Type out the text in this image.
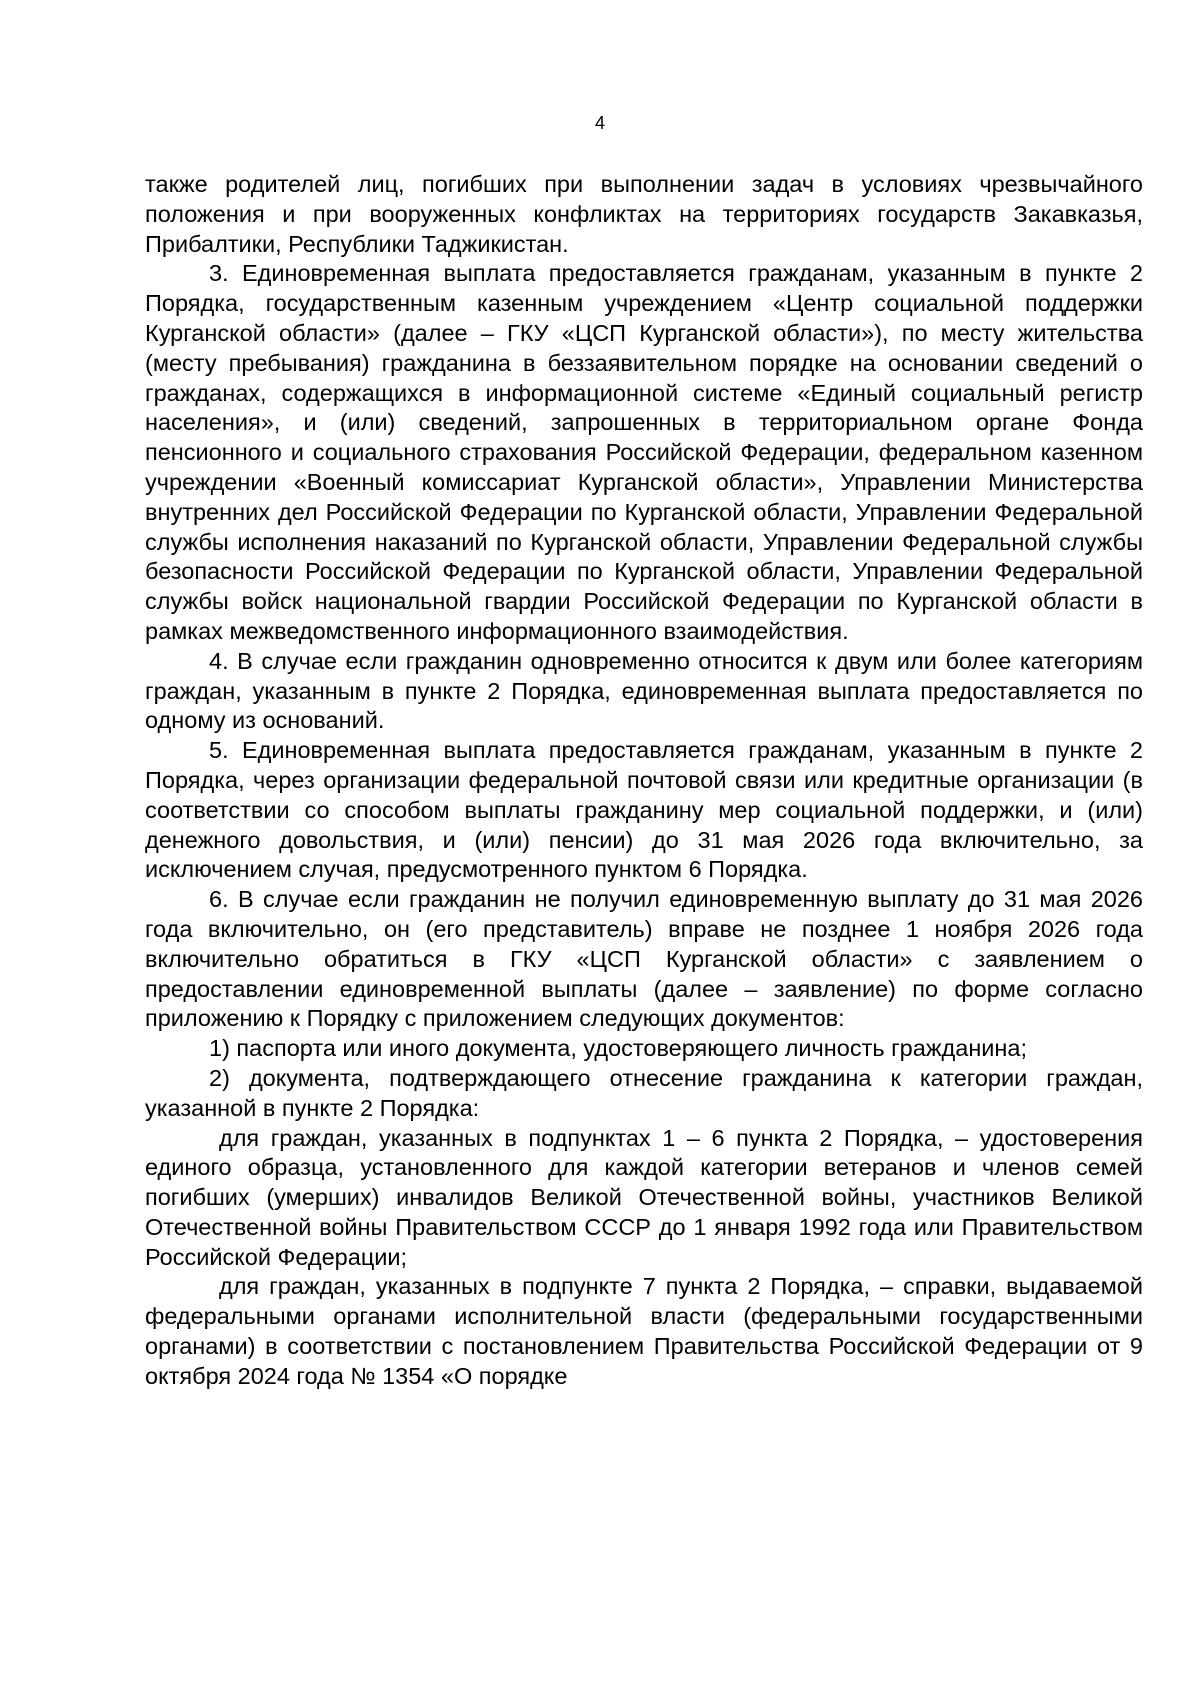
4

также родителей лиц, погибших при выполнении задач в условиях чрезвычайного положения и при вооруженных конфликтах на территориях государств Закавказья, Прибалтики, Республики Таджикистан.

3. Единовременная выплата предоставляется гражданам, указанным в пункте 2 Порядка, государственным казенным учреждением «Центр социальной поддержки Курганской области» (далее – ГКУ «ЦСП Курганской области»), по месту жительства (месту пребывания) гражданина в беззаявительном порядке на основании сведений о гражданах, содержащихся в информационной системе «Единый социальный регистр населения», и (или) сведений, запрошенных в территориальном органе Фонда пенсионного и социального страхования Российской Федерации, федеральном казенном учреждении «Военный комиссариат Курганской области», Управлении Министерства внутренних дел Российской Федерации по Курганской области, Управлении Федеральной службы исполнения наказаний по Курганской области, Управлении Федеральной службы безопасности Российской Федерации по Курганской области, Управлении Федеральной службы войск национальной гвардии Российской Федерации по Курганской области в рамках межведомственного информационного взаимодействия.

4. В случае если гражданин одновременно относится к двум или более категориям граждан, указанным в пункте 2 Порядка, единовременная выплата предоставляется по одному из оснований.

5. Единовременная выплата предоставляется гражданам, указанным в пункте 2 Порядка, через организации федеральной почтовой связи или кредитные организации (в соответствии со способом выплаты гражданину мер социальной поддержки, и (или) денежного довольствия, и (или) пенсии) до 31 мая 2026 года включительно, за исключением случая, предусмотренного пунктом 6 Порядка.

6. В случае если гражданин не получил единовременную выплату до 31 мая 2026 года включительно, он (его представитель) вправе не позднее 1 ноября 2026 года включительно обратиться в ГКУ «ЦСП Курганской области» с заявлением о предоставлении единовременной выплаты (далее – заявление) по форме согласно приложению к Порядку с приложением следующих документов:

1) паспорта или иного документа, удостоверяющего личность гражданина;

2) документа, подтверждающего отнесение гражданина к категории граждан, указанной в пункте 2 Порядка:

для граждан, указанных в подпунктах 1 – 6 пункта 2 Порядка, – удостоверения единого образца, установленного для каждой категории ветеранов и членов семей погибших (умерших) инвалидов Великой Отечественной войны, участников Великой Отечественной войны Правительством СССР до 1 января 1992 года или Правительством Российской Федерации;

для граждан, указанных в подпункте 7 пункта 2 Порядка, – справки, выдаваемой федеральными органами исполнительной власти (федеральными государственными органами) в соответствии с постановлением Правительства Российской Федерации от 9 октября 2024 года № 1354 «О порядке
